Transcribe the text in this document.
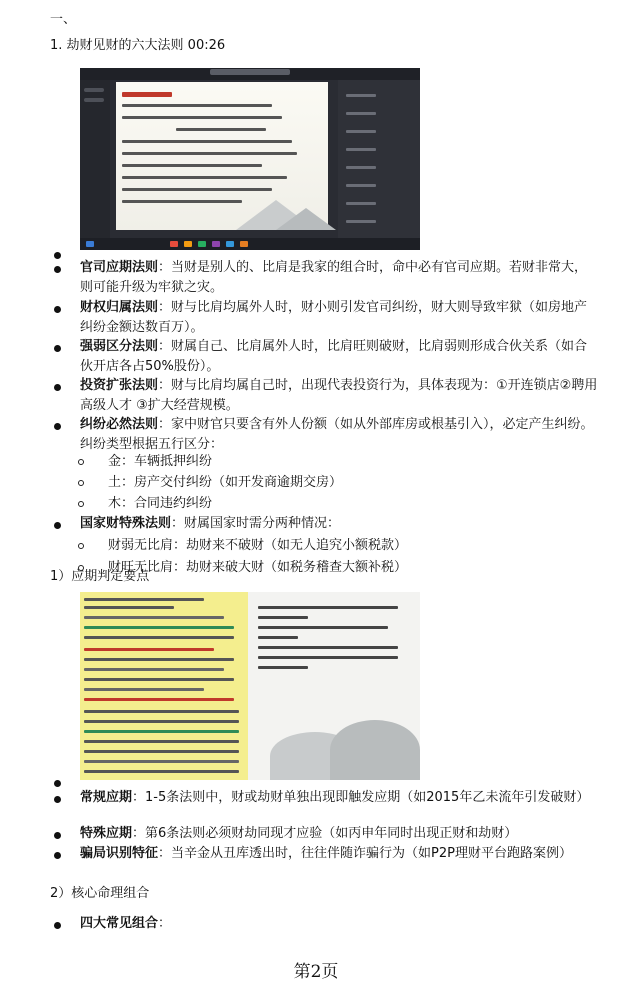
一、
1. 劫财见财的六大法则 00:26
官司应期法则：当财是别人的、比肩是我家的组合时，命中必有官司应期。若财非常大，则可能升级为牢狱之灾。
财权归属法则：财与比肩均属外人时，财小则引发官司纠纷，财大则导致牢狱（如房地产纠纷金额达数百万）。
强弱区分法则：财属自己、比肩属外人时，比肩旺则破财，比肩弱则形成合伙关系（如合伙开店各占50%股份）。
投资扩张法则：财与比肩均属自己时，出现代表投资行为，具体表现为：①开连锁店②聘用高级人才 ③扩大经营规模。
纠纷必然法则：家中财官只要含有外人份额（如从外部库房或根基引入），必定产生纠纷。纠纷类型根据五行区分：
金：车辆抵押纠纷
土：房产交付纠纷（如开发商逾期交房）
木：合同违约纠纷
国家财特殊法则：财属国家时需分两种情况：
财弱无比肩：劫财来不破财（如无人追究小额税款）
财旺无比肩：劫财来破大财（如税务稽查大额补税）
1）应期判定要点
常规应期：1-5条法则中，财或劫财单独出现即触发应期（如2015年乙未流年引发破财）
特殊应期：第6条法则必须财劫同现才应验（如丙申年同时出现正财和劫财）
骗局识别特征：当辛金从丑库透出时，往往伴随诈骗行为（如P2P理财平台跑路案例）
2）核心命理组合
四大常见组合：
第2页
